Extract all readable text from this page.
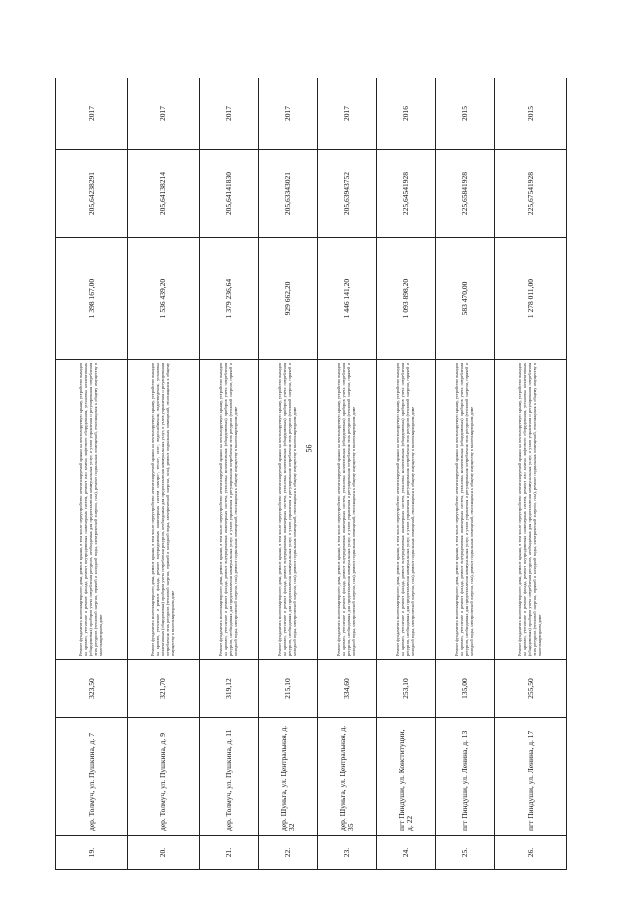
56
19.	дер. Толмуч, ул. Пушкина, д. 7	323,50	Ремонт фундамента многоквартирного дома, ремонт крыши, в том числе переустройство невентилируемой крыши на вентилируемую крышу, устройство выходов на кровлю, утепление и ремонт фасада, ремонт внутридомовых инженерных систем, ремонт или замена лифтового оборудования, установка коллективных (общедомовых) приборов учета потребления ресурсов, необходимых для предоставления коммунальных услуг, и узлов управления и регулирования потребления этих ресурсов (тепловой энергии, горячей и холодной воды, электрической энергии, газа), ремонт подвальных помещений, относящихся к общему имуществу в многоквартирном доме	1 398 167,00	205,64238291	2017
20.	дер. Толмуч, ул. Пушкина, д. 9	321,70	Ремонт фундамента многоквартирного дома, ремонт крыши, в том числе переустройство невентилируемой крыши на вентилируемую крышу, устройство выходов на кровлю, утепление и ремонт фасада, ремонт внутридомовых инженерных систем электро-, тепло-, газо-, водоснабжения, водоотведения, установка коллективных (общедомовых) приборов учета потребления ресурсов, необходимых для предоставления коммунальных услуг, и узлов управления и регулирования потребления этих ресурсов (тепловой энергии, горячей и холодной воды, электрической энергии, газа), ремонт подвальных помещений, относящихся к общему имуществу в многоквартирном доме	1 536 439,20	205,64138214	2017
21.	дер. Толмуч, ул. Пушкина, д. 11	319,12	Ремонт фундамента многоквартирного дома, ремонт крыши, в том числе переустройство невентилируемой крыши на вентилируемую крышу, устройство выходов на кровлю, утепление и ремонт фасада, ремонт внутридомовых инженерных систем, установка коллективных (общедомовых) приборов учета потребления ресурсов, необходимых для предоставления коммунальных услуг, и узлов управления и регулирования потребления этих ресурсов (тепловой энергии, горячей и холодной воды, электрической энергии, газа), ремонт подвальных помещений, относящихся к общему имуществу в многоквартирном доме	1 379 236,64	205,64141830	2017
22.	дер. Шуньга, ул. Центральная, д. 32	215,10	Ремонт фундамента многоквартирного дома, ремонт крыши, в том числе переустройство невентилируемой крыши на вентилируемую крышу, устройство выходов на кровлю, утепление и ремонт фасада, ремонт внутридомовых инженерных систем, установка коллективных (общедомовых) приборов учета потребления ресурсов, необходимых для предоставления коммунальных услуг, и узлов управления и регулирования потребления этих ресурсов (тепловой энергии, горячей и холодной воды, электрической энергии, газа), ремонт подвальных помещений, относящихся к общему имуществу в многоквартирном доме	929 662,20	205,63343021	2017
23.	дер. Шуньга, ул. Центральная, д. 35	334,60	Ремонт фундамента многоквартирного дома, ремонт крыши, в том числе переустройство невентилируемой крыши на вентилируемую крышу, устройство выходов на кровлю, утепление и ремонт фасада, ремонт внутридомовых инженерных систем, установка коллективных (общедомовых) приборов учета потребления ресурсов, необходимых для предоставления коммунальных услуг, и узлов управления и регулирования потребления этих ресурсов (тепловой энергии, горячей и холодной воды, электрической энергии, газа), ремонт подвальных помещений, относящихся к общему имуществу в многоквартирном доме	1 446 141,20	205,63943752	2017
24.	пгт Пиндуши, ул. Конституции, д. 22	253,10	Ремонт фундамента многоквартирного дома, ремонт крыши, в том числе переустройство невентилируемой крыши на вентилируемую крышу, устройство выходов на кровлю, утепление и ремонт фасада, ремонт внутридомовых инженерных систем, установка коллективных (общедомовых) приборов учета потребления ресурсов, необходимых для предоставления коммунальных услуг, и узлов управления и регулирования потребления этих ресурсов (тепловой энергии, горячей и холодной воды, электрической энергии, газа), ремонт подвальных помещений, относящихся к общему имуществу в многоквартирном доме	1 093 898,20	225,64541928	2016
25.	пгт Пиндуши, ул. Ленина, д. 13	135,00	Ремонт фундамента многоквартирного дома, ремонт крыши, в том числе переустройство невентилируемой крыши на вентилируемую крышу, устройство выходов на кровлю, утепление и ремонт фасада, ремонт внутридомовых инженерных систем, установка коллективных (общедомовых) приборов учета потребления ресурсов, необходимых для предоставления коммунальных услуг, и узлов управления и регулирования потребления этих ресурсов (тепловой энергии, горячей и холодной воды, электрической энергии, газа), ремонт подвальных помещений, относящихся к общему имуществу в многоквартирном доме	583 470,00	225,65841928	2015
26.	пгт Пиндуши, ул. Ленина, д. 17	255,50	Ремонт фундамента многоквартирного дома, ремонт крыши, в том числе переустройство невентилируемой крыши на вентилируемую крышу, устройство выходов на кровлю, утепление и ремонт фасада, ремонт внутридомовых инженерных систем, ремонт или замена лифтового оборудования, установка коллективных (общедомовых) приборов учета потребления ресурсов, необходимых для предоставления коммунальных услуг, и узлов управления и регулирования потребления этих ресурсов (тепловой энергии, горячей и холодной воды, электрической энергии, газа), ремонт подвальных помещений, относящихся к общему имуществу в многоквартирном доме	1 278 011,00	225,67541928	2015
